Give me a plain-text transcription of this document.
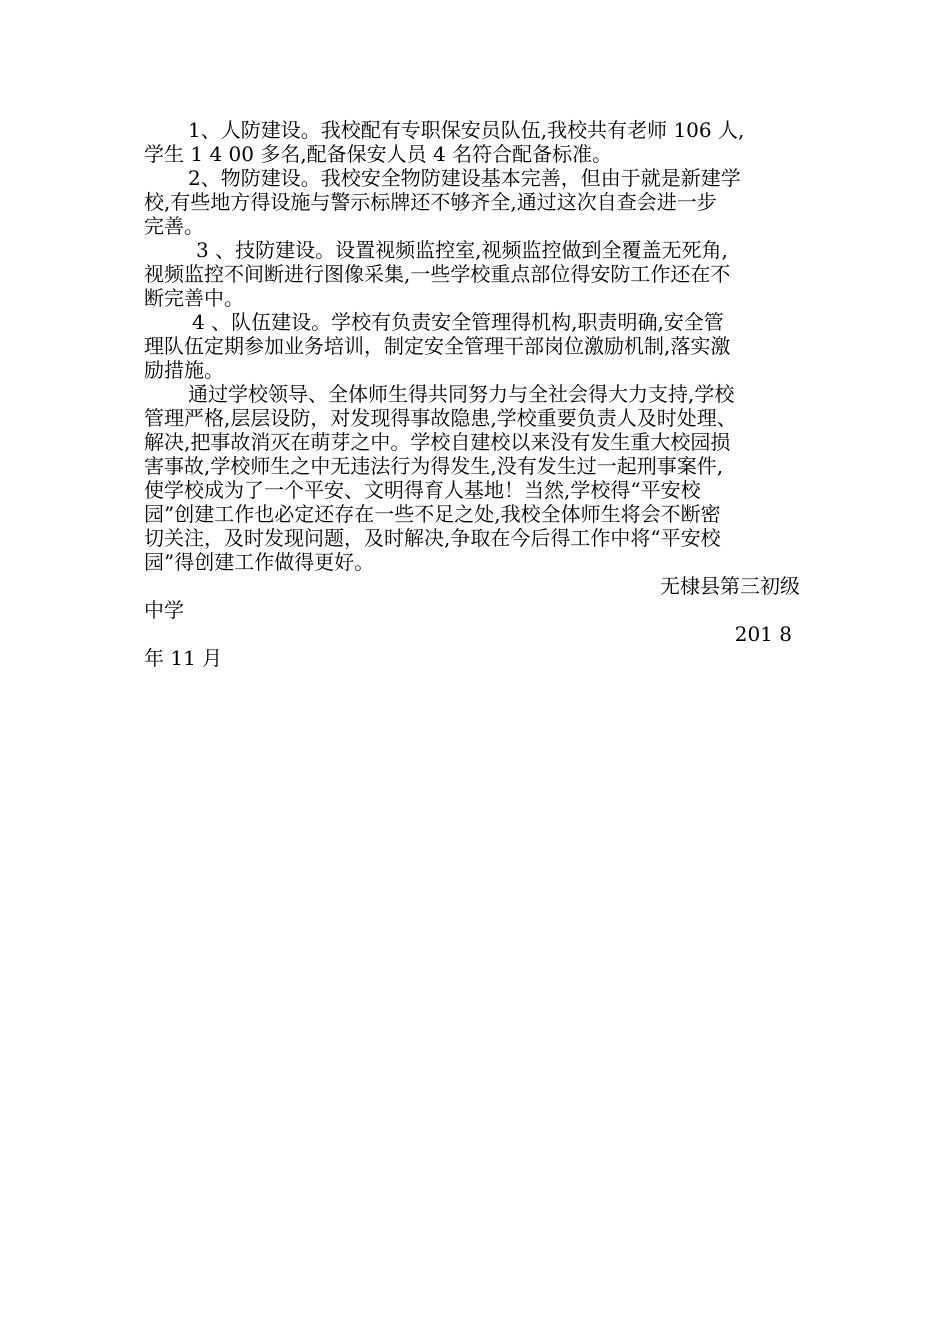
1、人防建设。我校配有专职保安员队伍,我校共有老师 106 人,
学生 1 4 00 多名,配备保安人员 4 名符合配备标准。
2、物防建设。我校安全物防建设基本完善，但由于就是新建学
校,有些地方得设施与警示标牌还不够齐全,通过这次自查会进一步
完善。
3 、技防建设。设置视频监控室,视频监控做到全覆盖无死角,
视频监控不间断进行图像采集,一些学校重点部位得安防工作还在不
断完善中。
4 、队伍建设。学校有负责安全管理得机构,职责明确,安全管
理队伍定期参加业务培训，制定安全管理干部岗位激励机制,落实激
励措施。
通过学校领导、全体师生得共同努力与全社会得大力支持,学校
管理严格,层层设防，对发现得事故隐患,学校重要负责人及时处理、
解决,把事故消灭在萌芽之中。学校自建校以来没有发生重大校园损
害事故,学校师生之中无违法行为得发生,没有发生过一起刑事案件,
使学校成为了一个平安、文明得育人基地！当然,学校得“平安校
园”创建工作也必定还存在一些不足之处,我校全体师生将会不断密
切关注，及时发现问题，及时解决,争取在今后得工作中将“平安校
园”得创建工作做得更好。
无棣县第三初级
中学
201 8
年 11 月
